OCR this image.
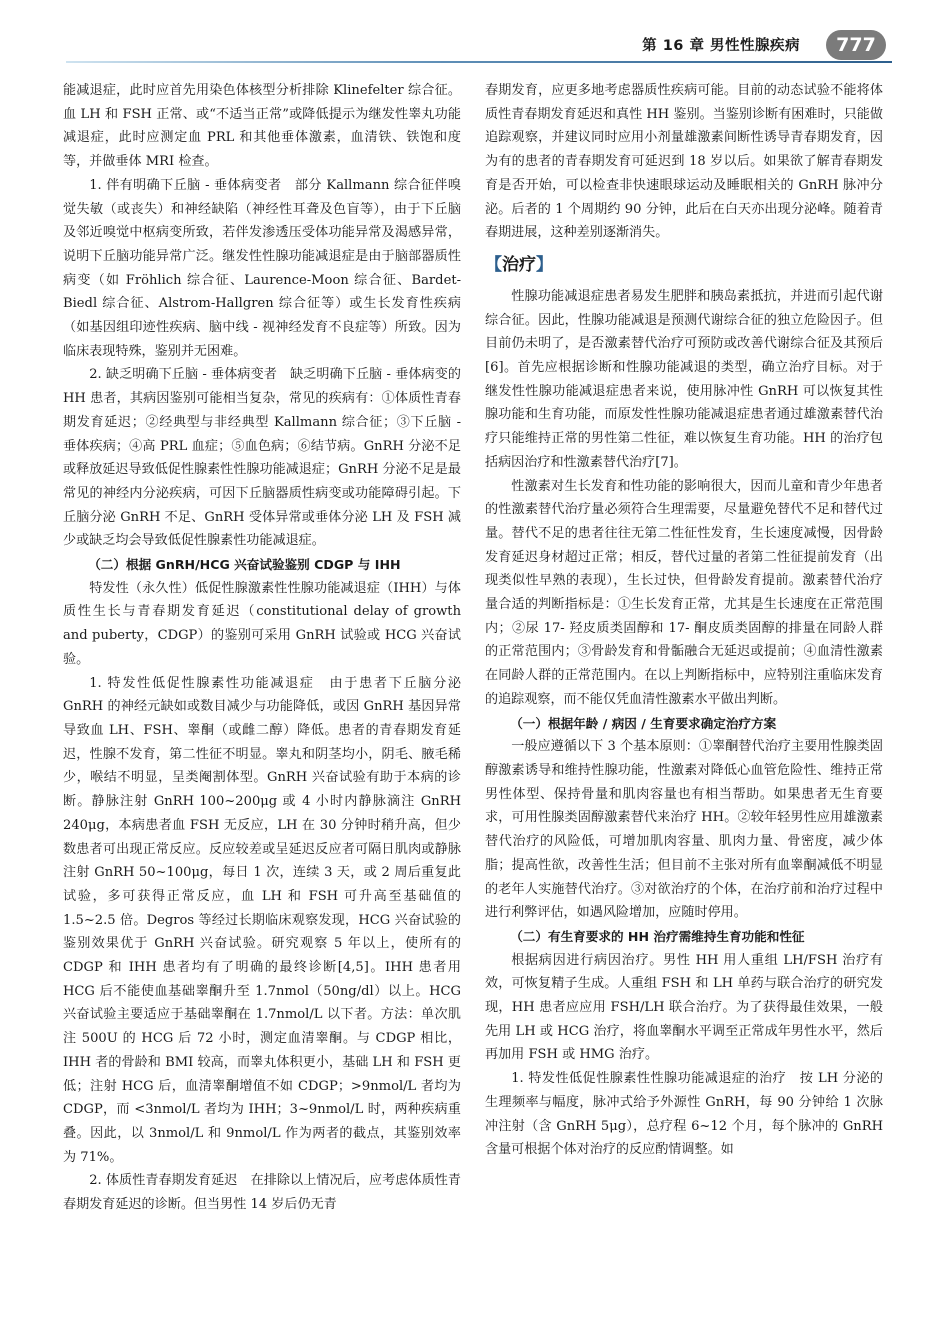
第 16 章 男性性腺疾病	777

能减退症，此时应首先用染色体核型分析排除 Klinefelter 综合征。血 LH 和 FSH 正常、或“不适当正常”或降低提示为继发性睾丸功能减退症，此时应测定血 PRL 和其他垂体激素，血清铁、铁饱和度等，并做垂体 MRI 检查。

1. 伴有明确下丘脑 - 垂体病变者　部分 Kallmann 综合征伴嗅觉失敏（或丧失）和神经缺陷（神经性耳聋及色盲等），由于下丘脑及邻近嗅觉中枢病变所致，若伴发渗透压受体功能异常及渴感异常，说明下丘脑功能异常广泛。继发性性腺功能减退症是由于脑部器质性病变（如 Fröhlich 综合征、Laurence-Moon 综合征、Bardet-Biedl 综合征、Alstrom-Hallgren 综合征等）或生长发育性疾病（如基因组印迹性疾病、脑中线 - 视神经发育不良症等）所致。因为临床表现特殊，鉴别并无困难。

2. 缺乏明确下丘脑 - 垂体病变者　缺乏明确下丘脑 - 垂体病变的 HH 患者，其病因鉴别可能相当复杂，常见的疾病有：①体质性青春期发育延迟；②经典型与非经典型 Kallmann 综合征；③下丘脑 - 垂体疾病；④高 PRL 血症；⑤血色病；⑥结节病。GnRH 分泌不足或释放延迟导致低促性腺素性性腺功能减退症；GnRH 分泌不足是最常见的神经内分泌疾病，可因下丘脑器质性病变或功能障碍引起。下丘脑分泌 GnRH 不足、GnRH 受体异常或垂体分泌 LH 及 FSH 减少或缺乏均会导致低促性腺素性功能减退症。

（二）根据 GnRH/HCG 兴奋试验鉴别 CDGP 与 IHH

特发性（永久性）低促性腺激素性性腺功能减退症（IHH）与体质性生长与青春期发育延迟（constitutional delay of growth and puberty，CDGP）的鉴别可采用 GnRH 试验或 HCG 兴奋试验。

1. 特发性低促性腺素性功能减退症　由于患者下丘脑分泌 GnRH 的神经元缺如或数目减少与功能降低，或因 GnRH 基因异常导致血 LH、FSH、睾酮（或雌二醇）降低。患者的青春期发育延迟，性腺不发育，第二性征不明显。睾丸和阴茎均小，阴毛、腋毛稀少，喉结不明显，呈类阉割体型。GnRH 兴奋试验有助于本病的诊断。静脉注射 GnRH 100~200μg 或 4 小时内静脉滴注 GnRH 240μg，本病患者血 FSH 无反应，LH 在 30 分钟时稍升高，但少数患者可出现正常反应。反应较差或呈延迟反应者可隔日肌肉或静脉注射 GnRH 50~100μg，每日 1 次，连续 3 天，或 2 周后重复此试验，多可获得正常反应，血 LH 和 FSH 可升高至基础值的 1.5~2.5 倍。Degros 等经过长期临床观察发现，HCG 兴奋试验的鉴别效果优于 GnRH 兴奋试验。研究观察 5 年以上，使所有的 CDGP 和 IHH 患者均有了明确的最终诊断[4,5]。IHH 患者用 HCG 后不能使血基础睾酮升至 1.7nmol（50ng/dl）以上。HCG 兴奋试验主要适应于基础睾酮在 1.7nmol/L 以下者。方法：单次肌注 500U 的 HCG 后 72 小时，测定血清睾酮。与 CDGP 相比，IHH 者的骨龄和 BMI 较高，而睾丸体积更小，基础 LH 和 FSH 更低；注射 HCG 后，血清睾酮增值不如 CDGP；>9nmol/L 者均为 CDGP，而 <3nmol/L 者均为 IHH；3~9nmol/L 时，两种疾病重叠。因此，以 3nmol/L 和 9nmol/L 作为两者的截点，其鉴别效率为 71%。

2. 体质性青春期发育延迟　在排除以上情况后，应考虑体质性青春期发育延迟的诊断。但当男性 14 岁后仍无青

春期发育，应更多地考虑器质性疾病可能。目前的动态试验不能将体质性青春期发育延迟和真性 HH 鉴别。当鉴别诊断有困难时，只能做追踪观察，并建议同时应用小剂量雄激素间断性诱导青春期发育，因为有的患者的青春期发育可延迟到 18 岁以后。如果欲了解青春期发育是否开始，可以检查非快速眼球运动及睡眠相关的 GnRH 脉冲分泌。后者的 1 个周期约 90 分钟，此后在白天亦出现分泌峰。随着青春期进展，这种差别逐渐消失。

【治疗】

性腺功能减退症患者易发生肥胖和胰岛素抵抗，并进而引起代谢综合征。因此，性腺功能减退是预测代谢综合征的独立危险因子。但目前仍未明了，是否激素替代治疗可预防或改善代谢综合征及其预后[6]。首先应根据诊断和性腺功能减退的类型，确立治疗目标。对于继发性性腺功能减退症患者来说，使用脉冲性 GnRH 可以恢复其性腺功能和生育功能，而原发性性腺功能减退症患者通过雄激素替代治疗只能维持正常的男性第二性征，难以恢复生育功能。HH 的治疗包括病因治疗和性激素替代治疗[7]。

性激素对生长发育和性功能的影响很大，因而儿童和青少年患者的性激素替代治疗量必须符合生理需要，尽量避免替代不足和替代过量。替代不足的患者往往无第二性征性发育，生长速度减慢，因骨龄发育延迟身材超过正常；相反，替代过量的者第二性征提前发育（出现类似性早熟的表现），生长过快，但骨龄发育提前。激素替代治疗量合适的判断指标是：①生长发育正常，尤其是生长速度在正常范围内；②尿 17- 羟皮质类固醇和 17- 酮皮质类固醇的排量在同龄人群的正常范围内；③骨龄发育和骨骺融合无延迟或提前；④血清性激素在同龄人群的正常范围内。在以上判断指标中，应特别注重临床发育的追踪观察，而不能仅凭血清性激素水平做出判断。

（一）根据年龄 / 病因 / 生育要求确定治疗方案

一般应遵循以下 3 个基本原则：①睾酮替代治疗主要用性腺类固醇激素诱导和维持性腺功能，性激素对降低心血管危险性、维持正常男性体型、保持骨量和肌肉容量也有相当帮助。如果患者无生育要求，可用性腺类固醇激素替代来治疗 HH。②较年轻男性应用雄激素替代治疗的风险低，可增加肌肉容量、肌肉力量、骨密度，减少体脂；提高性欲，改善性生活；但目前不主张对所有血睾酮减低不明显的老年人实施替代治疗。③对欲治疗的个体，在治疗前和治疗过程中进行利弊评估，如遇风险增加，应随时停用。

（二）有生育要求的 HH 治疗需维持生育功能和性征

根据病因进行病因治疗。男性 HH 用人重组 LH/FSH 治疗有效，可恢复精子生成。人重组 FSH 和 LH 单药与联合治疗的研究发现，HH 患者应应用 FSH/LH 联合治疗。为了获得最佳效果，一般先用 LH 或 HCG 治疗，将血睾酮水平调至正常成年男性水平，然后再加用 FSH 或 HMG 治疗。

1. 特发性低促性腺素性性腺功能减退症的治疗　按 LH 分泌的生理频率与幅度，脉冲式给予外源性 GnRH，每 90 分钟给 1 次脉冲注射（含 GnRH 5μg），总疗程 6~12 个月，每个脉冲的 GnRH 含量可根据个体对治疗的反应酌情调整。如
